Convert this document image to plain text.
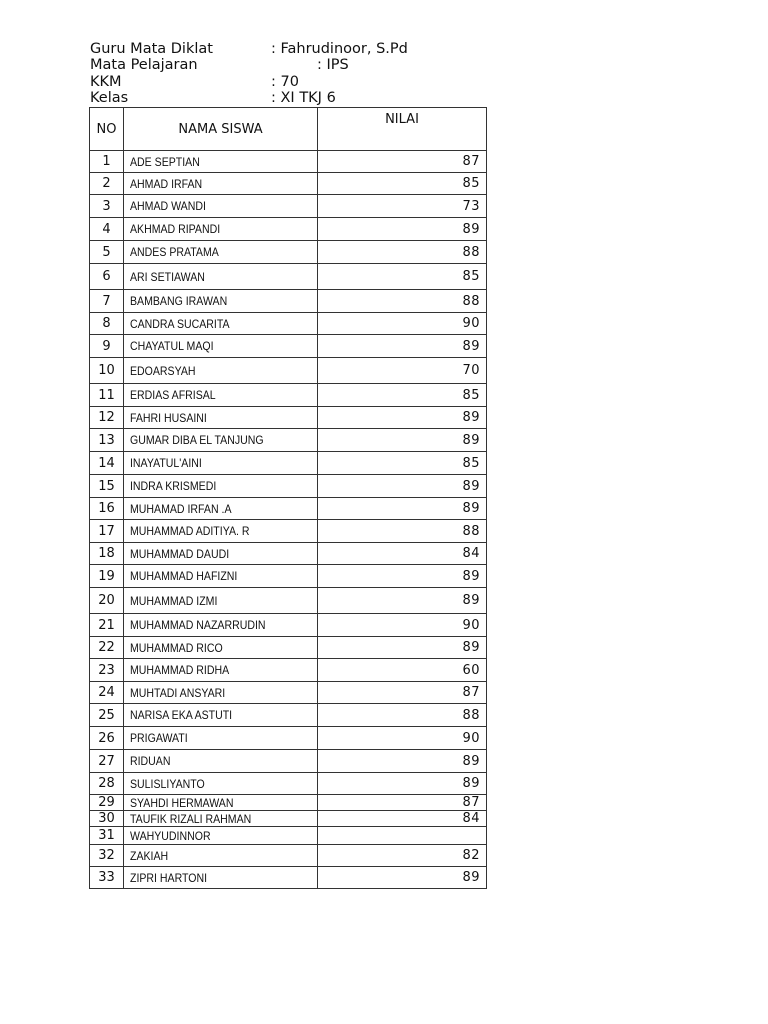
Guru Mata Diklat	: Fahrudinoor, S.Pd
Mata Pelajaran	: IPS
KKM	: 70
Kelas	: XI TKJ 6
NO	NAMA SISWA	NILAI
1	ADE SEPTIAN	87
2	AHMAD IRFAN	85
3	AHMAD WANDI	73
4	AKHMAD RIPANDI	89
5	ANDES PRATAMA	88
6	ARI SETIAWAN	85
7	BAMBANG IRAWAN	88
8	CANDRA SUCARITA	90
9	CHAYATUL MAQI	89
10	EDOARSYAH	70
11	ERDIAS AFRISAL	85
12	FAHRI HUSAINI	89
13	GUMAR DIBA EL TANJUNG	89
14	INAYATUL'AINI	85
15	INDRA KRISMEDI	89
16	MUHAMAD IRFAN .A	89
17	MUHAMMAD ADITIYA. R	88
18	MUHAMMAD DAUDI	84
19	MUHAMMAD HAFIZNI	89
20	MUHAMMAD IZMI	89
21	MUHAMMAD NAZARRUDIN	90
22	MUHAMMAD RICO	89
23	MUHAMMAD RIDHA	60
24	MUHTADI ANSYARI	87
25	NARISA EKA ASTUTI	88
26	PRIGAWATI	90
27	RIDUAN	89
28	SULISLIYANTO	89
29	SYAHDI HERMAWAN	87
30	TAUFIK RIZALI RAHMAN	84
31	WAHYUDINNOR	
32	ZAKIAH	82
33	ZIPRI HARTONI	89
